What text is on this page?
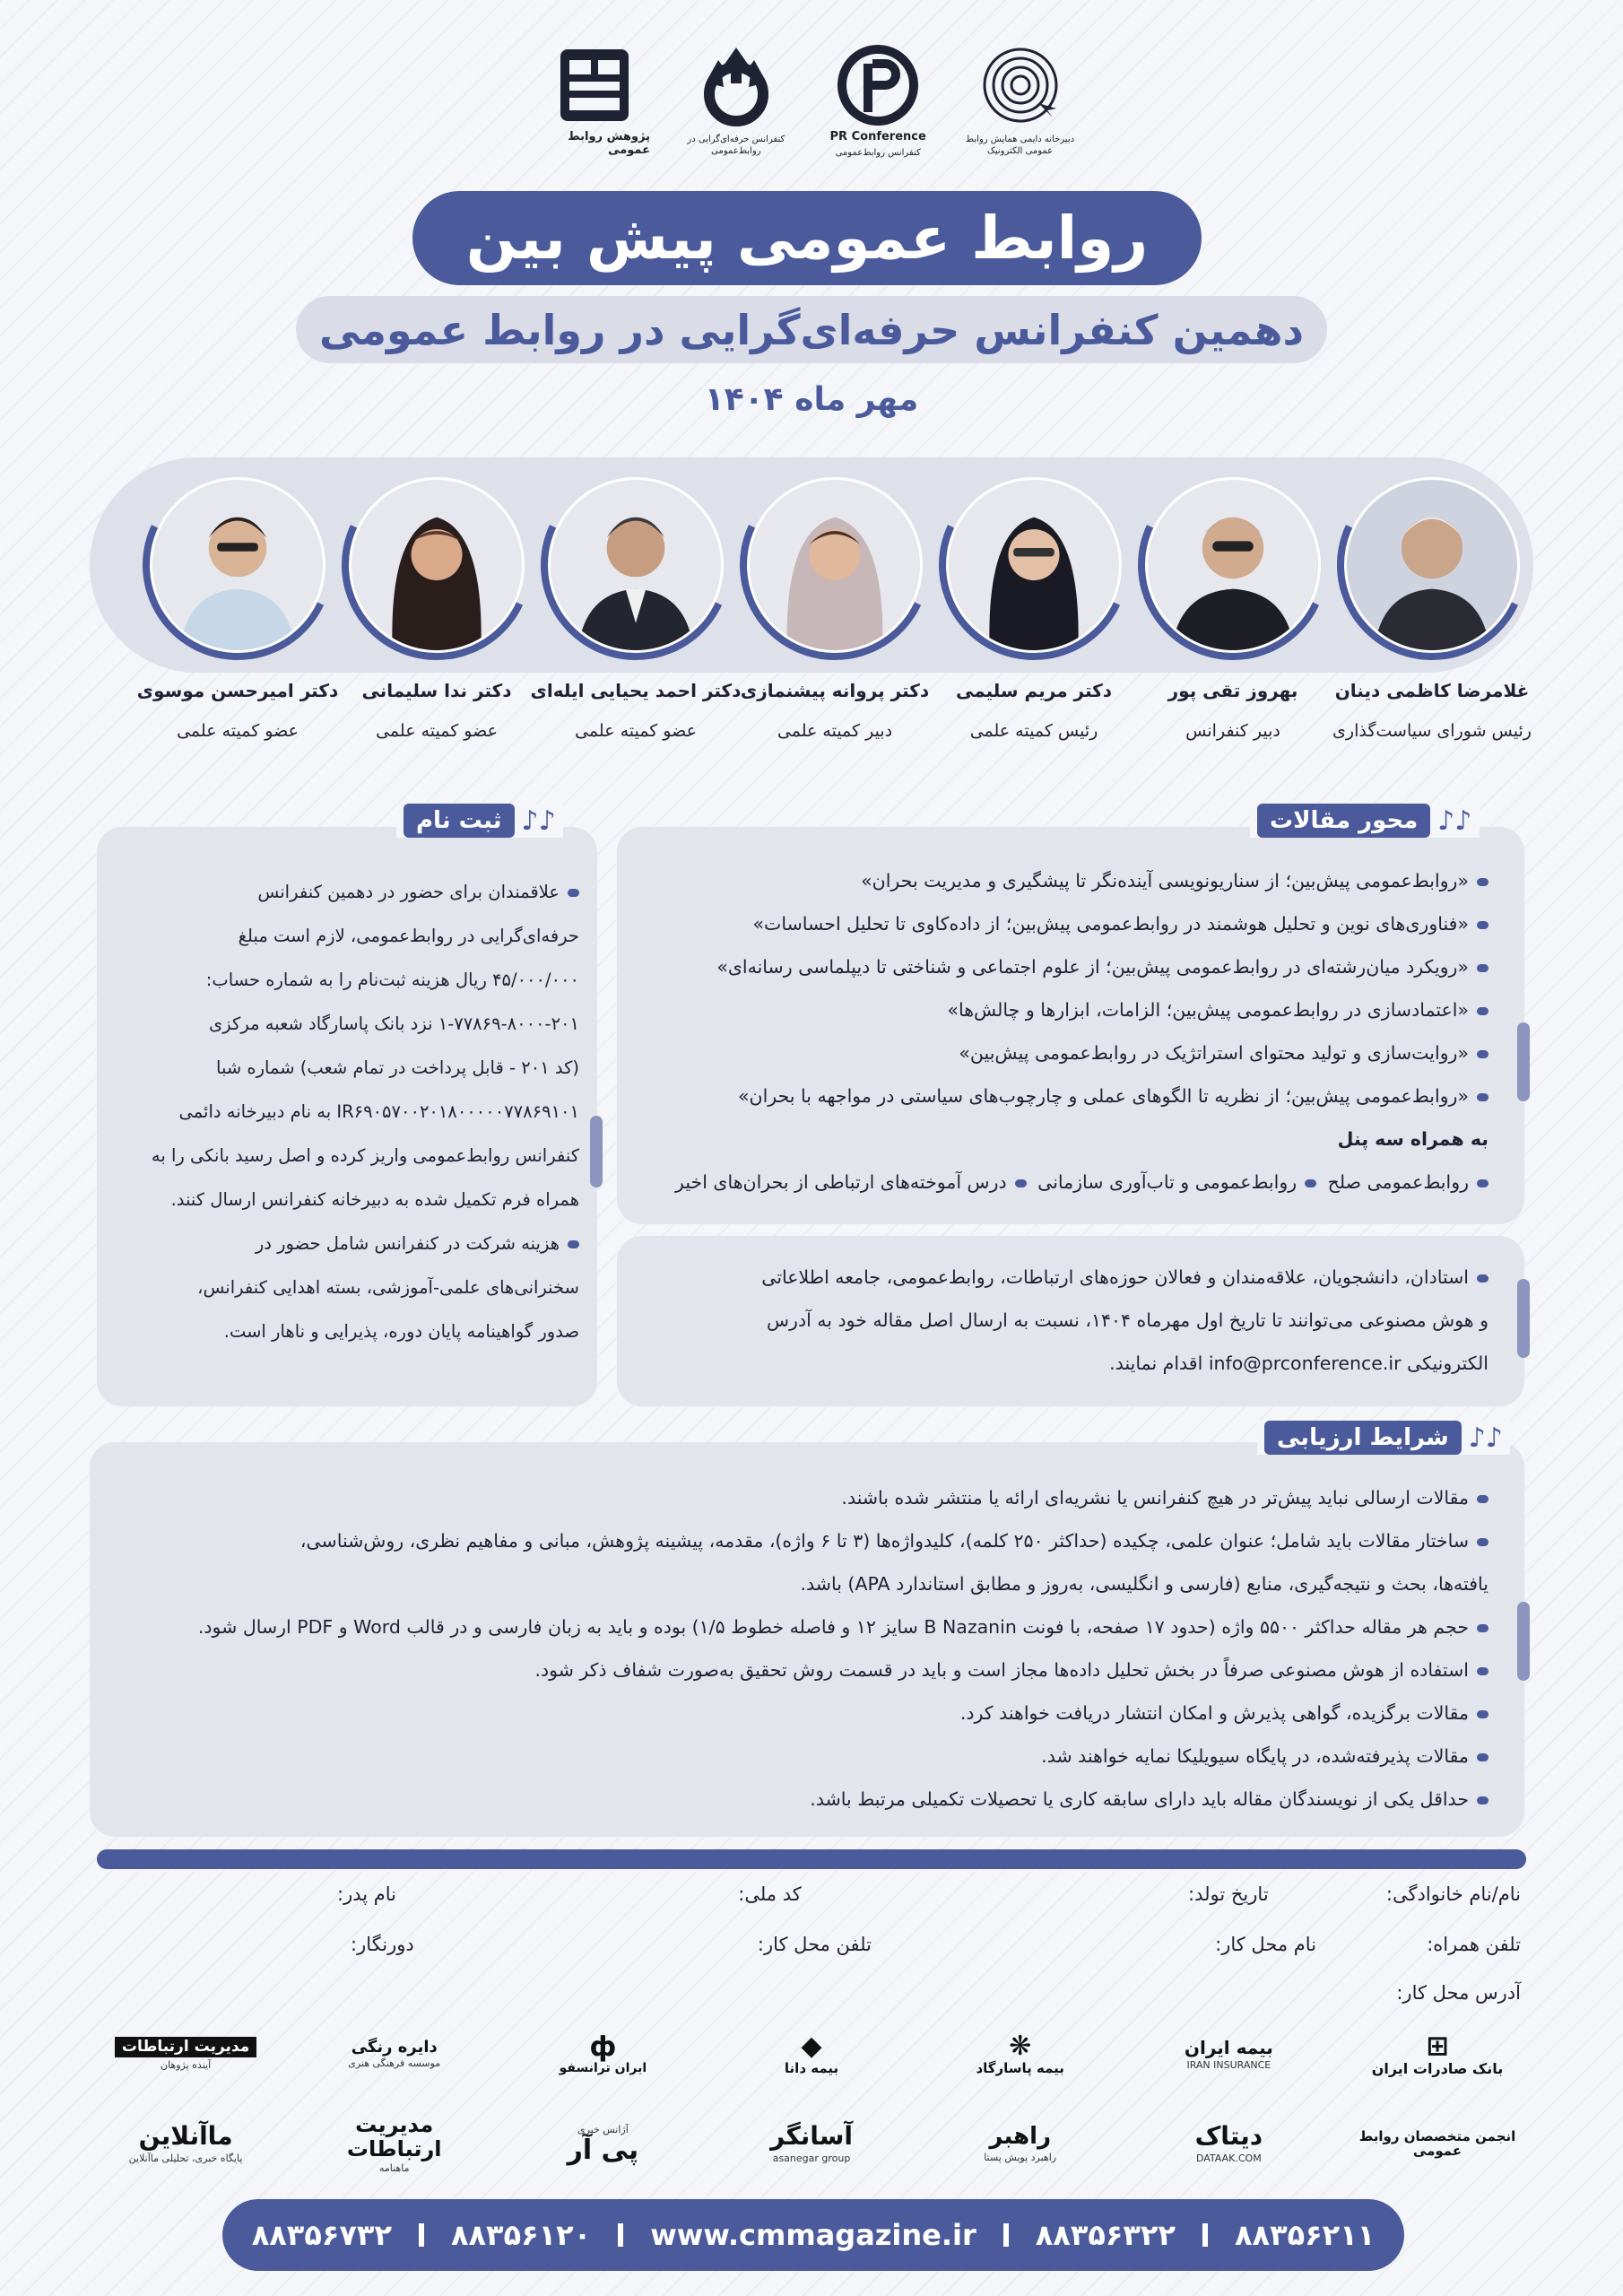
پژوهش روابط عمومی
کنفرانس حرفه‌ای‌گرایی در روابط‌عمومی
PR Conference
کنفرانس روابط‌عمومی
دبیرخانه دایمی همایش روابط عمومی الکترونیک
روابط عمومی پیش بین
دهمین کنفرانس حرفه‌ای‌گرایی در روابط عمومی
مهر ماه ۱۴۰۴
غلامرضا کاظمی دینان
رئیس شورای سیاست‌گذاری
بهروز تقی پور
دبیر کنفرانس
دکتر مریم سلیمی
رئیس کمیته علمی
دکتر پروانه پیشنمازی
دبیر کمیته علمی
دکتر احمد یحیایی ایله‌ای
عضو کمیته علمی
دکتر ندا سلیمانی
عضو کمیته علمی
دکتر امیرحسن موسوی
عضو کمیته علمی
♪♪
محور مقالات
«روابط‌عمومی پیش‌بین؛ از سناریونویسی آینده‌نگر تا پیشگیری و مدیریت بحران»
«فناوری‌های نوین و تحلیل هوشمند در روابط‌عمومی پیش‌بین؛ از داده‌کاوی تا تحلیل احساسات»
«رویکرد میان‌رشته‌ای در روابط‌عمومی پیش‌بین؛ از علوم اجتماعی و شناختی تا دیپلماسی رسانه‌ای»
«اعتمادسازی در روابط‌عمومی پیش‌بین؛ الزامات، ابزارها و چالش‌ها»
«روایت‌سازی و تولید محتوای استراتژیک در روابط‌عمومی پیش‌بین»
«روابط‌عمومی پیش‌بین؛ از نظریه تا الگوهای عملی و چارچوب‌های سیاستی در مواجهه با بحران»
به همراه سه پنل
روابط‌عمومی صلح روابط‌عمومی و تاب‌آوری سازمانی درس آموخته‌های ارتباطی از بحران‌های اخیر
استادان، دانشجویان، علاقه‌مندان و فعالان حوزه‌های ارتباطات، روابط‌عمومی، جامعه اطلاعاتی
و هوش مصنوعی می‌توانند تا تاریخ اول مهرماه ۱۴۰۴، نسبت به ارسال اصل مقاله خود به آدرس
الکترونیکی info@prconference.ir اقدام نمایند.
♪♪
ثبت نام
علاقمندان برای حضور در دهمین کنفرانس
حرفه‌ای‌گرایی در روابط‌عمومی، لازم است مبلغ
۴۵/۰۰۰/۰۰۰ ریال هزینه ثبت‌نام را به شماره حساب:
۱-۷۷۸۶۹-۸۰۰۰-۲۰۱ نزد بانک پاسارگاد شعبه مرکزی
(کد ۲۰۱ - قابل پرداخت در تمام شعب) شماره شبا
IR۶۹۰۵۷۰۰۲۰۱۸۰۰۰۰۰۷۷۸۶۹۱۰۱ به نام دبیرخانه دائمی
کنفرانس روابط‌عمومی واریز کرده و اصل رسید بانکی را به
همراه فرم تکمیل شده به دبیرخانه کنفرانس ارسال کنند.
هزینه شرکت در کنفرانس شامل حضور در
سخنرانی‌های علمی-آموزشی، بسته اهدایی کنفرانس،
صدور گواهینامه پایان دوره، پذیرایی و ناهار است.
♪♪
شرایط ارزیابی
مقالات ارسالی نباید پیش‌تر در هیچ کنفرانس یا نشریه‌ای ارائه یا منتشر شده باشند.
ساختار مقالات باید شامل؛ عنوان علمی، چکیده (حداکثر ۲۵۰ کلمه)، کلیدواژه‌ها (۳ تا ۶ واژه)، مقدمه، پیشینه پژوهش، مبانی و مفاهیم نظری، روش‌شناسی،
یافته‌ها، بحث و نتیجه‌گیری، منابع (فارسی و انگلیسی، به‌روز و مطابق استاندارد APA) باشد.
حجم هر مقاله حداکثر ۵۵۰۰ واژه (حدود ۱۷ صفحه، با فونت B Nazanin سایز ۱۲ و فاصله خطوط ۱/۵) بوده و باید به زبان فارسی و در قالب Word و PDF ارسال شود.
استفاده از هوش مصنوعی صرفاً در بخش تحلیل داده‌ها مجاز است و باید در قسمت روش تحقیق به‌صورت شفاف ذکر شود.
مقالات برگزیده، گواهی پذیرش و امکان انتشار دریافت خواهند کرد.
مقالات پذیرفته‌شده، در پایگاه سیویلیکا نمایه خواهند شد.
حداقل یکی از نویسندگان مقاله باید دارای سابقه کاری یا تحصیلات تکمیلی مرتبط باشد.
نام/نام خانوادگی:
تاریخ تولد:
کد ملی:
نام پدر:
تلفن همراه:
نام محل کار:
تلفن محل کار:
دورنگار:
آدرس محل کار:
⊞
بانک صادرات ایران
بیمه ایران
IRAN INSURANCE
❋
بیمه پاسارگاد
◆
بیمه دانا
ф
ایران ترانسفو
دایره رنگی
موسسه فرهنگی هنری
مدیریت ارتباطات
آینده پژوهان
انجمن متخصصان روابط عمومی
دیتاک
DATAAK.COM
راهبر
راهبرد پویش پستا
آسانگر
asanegar group
آژانس خبری
پی آر
مدیریت ارتباطات
ماهنامه
ماآنلاین
پایگاه خبری، تحلیلی ماآنلاین
۸۸۳۵۶۲۱۱
۸۸۳۵۶۳۲۲
www.cmmagazine.ir
۸۸۳۵۶۱۲۰
۸۸۳۵۶۷۳۲
